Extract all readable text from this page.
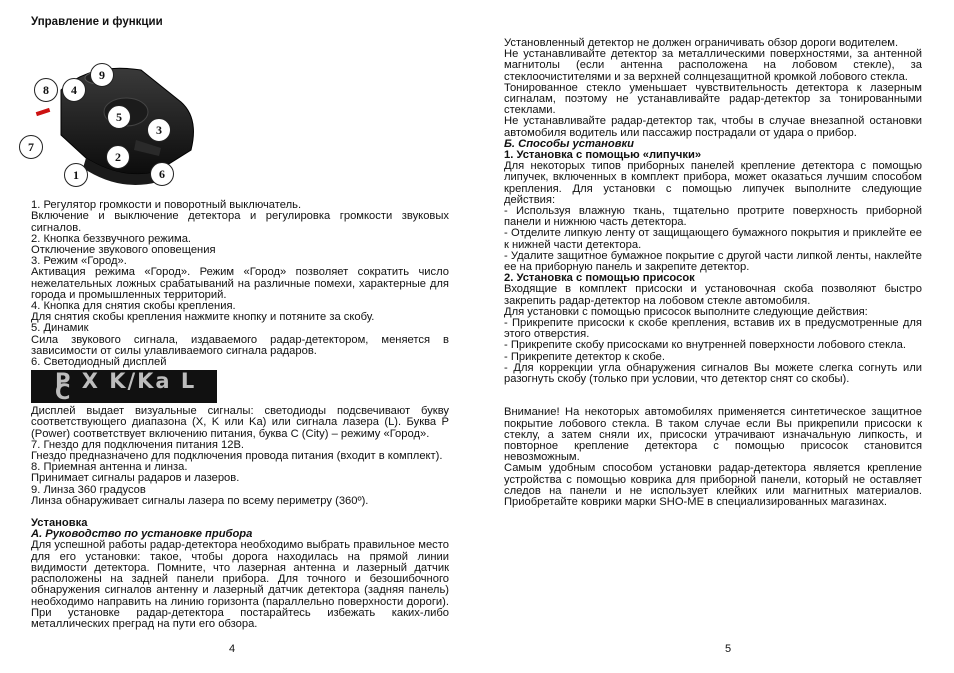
Управление и функции

9
8	4
5
3
7
2
1	6

1. Регулятор громкости и поворотный выключатель.

Включение и выключение детектора и регулировка громкости звуковых сигналов.

2. Кнопка беззвучного режима.

Отключение звукового оповещения

3. Режим «Город».

Активация режима «Город». Режим «Город» позволяет сократить число нежелательных ложных срабатываний на различные помехи, характерные для города и промышленных территорий.

4. Кнопка для снятия скобы крепления.

Для снятия скобы крепления нажмите кнопку и потяните за скобу.

5. Динамик

Сила звукового сигнала, издаваемого радар-детектором, меняется в зависимости от силы улавливаемого сигнала радаров.

6. Светодиодный дисплей

P X K/Ka L C

Дисплей выдает визуальные сигналы: светодиоды подсвечивают букву соответствующего диапазона (X, K или Ka) или сигнала лазера (L). Буква P (Power) соответствует включению питания, буква C (City) – режиму «Город».

7. Гнездо для подключения питания 12В.

Гнездо предназначено для подключения провода питания (входит в комплект).

8. Приемная антенна и линза.

Принимает сигналы радаров и лазеров.

9. Линза 360 градусов

Линза обнаруживает сигналы лазера по всему периметру (360º).

Установка

А. Руководство по установке прибора

Для успешной работы радар-детектора необходимо выбрать правильное место для его установки: такое, чтобы дорога находилась на прямой линии видимости детектора. Помните, что лазерная антенна и лазерный датчик расположены на задней панели прибора. Для точного и безошибочного обнаружения сигналов антенну и лазерный датчик детектора (задняя панель) необходимо направить на линию горизонта (параллельно поверхности дороги). При установке радар-детектора постарайтесь избежать каких-либо металлических преград на пути его обзора.

4

Установленный детектор не должен ограничивать обзор дороги водителем.

Не устанавливайте детектор за металлическими поверхностями, за антенной магнитолы (если антенна расположена на лобовом стекле), за стеклоочистителями и за верхней солнцезащитной кромкой лобового стекла.

Тонированное стекло уменьшает чувствительность детектора к лазерным сигналам, поэтому не устанавливайте радар-детектор за тонированными стеклами.

Не устанавливайте радар-детектор так, чтобы в случае внезапной остановки автомобиля водитель или пассажир пострадали от удара о прибор.

Б. Способы установки

1. Установка с помощью «липучки»

Для некоторых типов приборных панелей крепление детектора с помощью липучек, включенных в комплект прибора, может оказаться лучшим способом крепления. Для установки с помощью липучек выполните следующие действия:

- Используя влажную ткань, тщательно протрите поверхность приборной панели и нижнюю часть детектора.

- Отделите липкую ленту от защищающего бумажного покрытия и приклейте ее к нижней части детектора.

- Удалите защитное бумажное покрытие с другой части липкой ленты, наклейте ее на приборную панель и закрепите детектор.

2. Установка с помощью присосок

Входящие в комплект присоски и установочная скоба позволяют быстро закрепить радар-детектор на лобовом стекле автомобиля.

Для установки с помощью присосок выполните следующие действия:

- Прикрепите присоски к скобе крепления, вставив их в предусмотренные для этого отверстия.

- Прикрепите скобу присосками ко внутренней поверхности лобового стекла.

- Прикрепите детектор к скобе.

- Для коррекции угла обнаружения сигналов Вы можете слегка согнуть или разогнуть скобу (только при условии, что детектор снят со скобы).

Внимание! На некоторых автомобилях применяется синтетическое защитное покрытие лобового стекла. В таком случае если Вы прикрепили присоски к стеклу, а затем сняли их, присоски утрачивают изначальную липкость, и повторное крепление детектора с помощью присосок становится невозможным.

Самым удобным способом установки радар-детектора является крепление устройства с помощью коврика для приборной панели, который не оставляет следов на панели и не использует клейких или магнитных материалов. Приобретайте коврики марки SHO-ME в специализированных магазинах.

5
